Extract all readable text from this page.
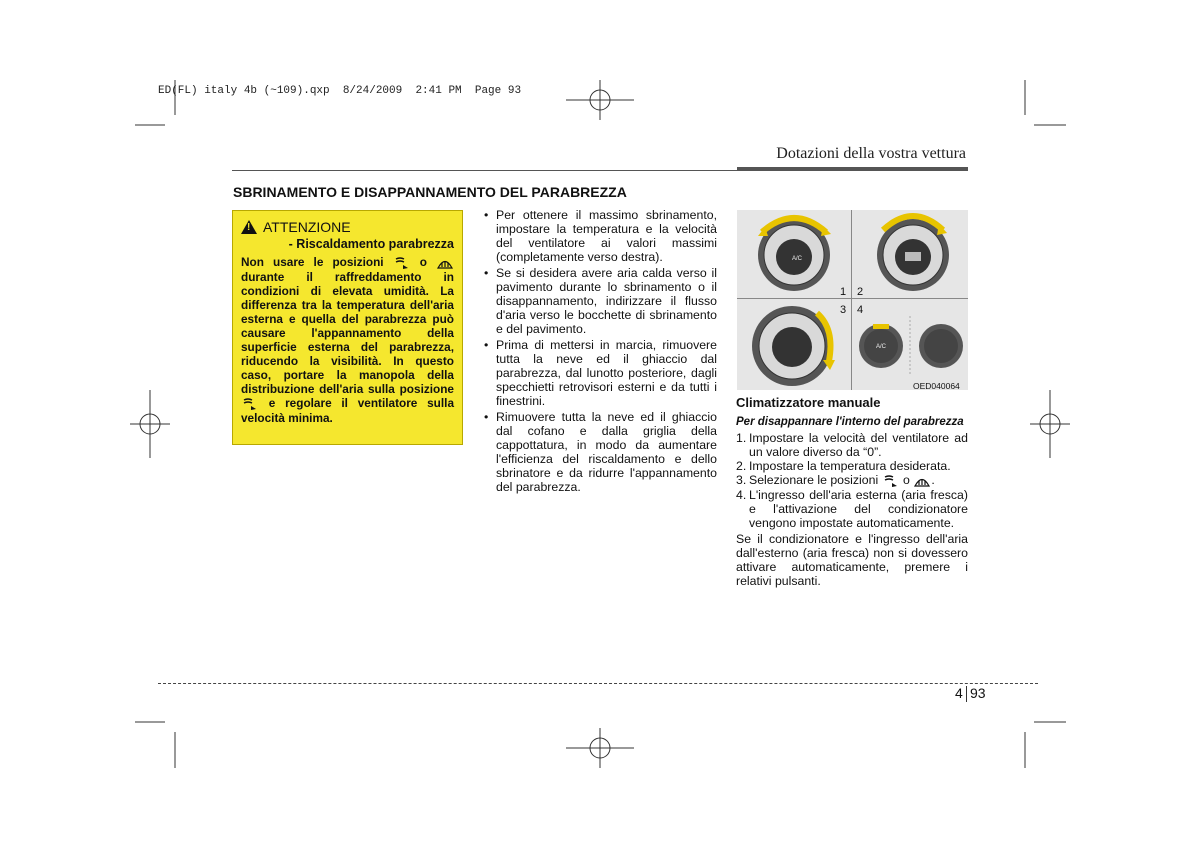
ED(FL) italy 4b (~109).qxp  8/24/2009  2:41 PM  Page 93
Dotazioni della vostra vettura
SBRINAMENTO E DISAPPANNAMENTO DEL PARABREZZA
! ATTENZIONE
- Riscaldamento parabrezza
Non usare le posizioni	o  durante il raffreddamento in condizioni di elevata umidità. La differenza tra la temperatura dell'aria esterna e quella del parabrezza può causare l'appannamento della superficie esterna del parabrezza, riducendo la visibilità. In questo caso, portare la manopola della distribuzione dell'aria sulla posizione  e regolare il ventilatore sulla velocità minima.
• Per ottenere il massimo sbrinamento, impostare la temperatura e la velocità del ventilatore ai valori massimi (completamente verso destra).
• Se si desidera avere aria calda verso il pavimento durante lo sbrinamento o il disappannamento, indirizzare il flusso d'aria verso le bocchette di sbrinamento e del pavimento.
• Prima di mettersi in marcia, rimuovere tutta la neve ed il ghiaccio dal parabrezza, dal lunotto posteriore, dagli specchietti retrovisori esterni e da tutti i finestrini.
• Rimuovere tutta la neve ed il ghiaccio dal cofano e dalla griglia della cappottatura, in modo da aumentare l'efficienza del riscaldamento e dello sbrinatore e da ridurre l'appannamento del parabrezza.
A/C
A/C
1 2
3 4
OED040064
Climatizzatore manuale
Per disappannare l'interno del parabrezza
1. Impostare la velocità del ventilatore ad un valore diverso da “0”.
2. Impostare la temperatura desiderata.
3. Selezionare le posizioni o .
4. L'ingresso dell'aria esterna (aria fresca) e l'attivazione del condizionatore vengono impostate automaticamente.

Se il condizionatore e l'ingresso dell'aria dall'esterno (aria fresca) non si dovessero attivare automaticamente, premere i relativi pulsanti.

4 93
